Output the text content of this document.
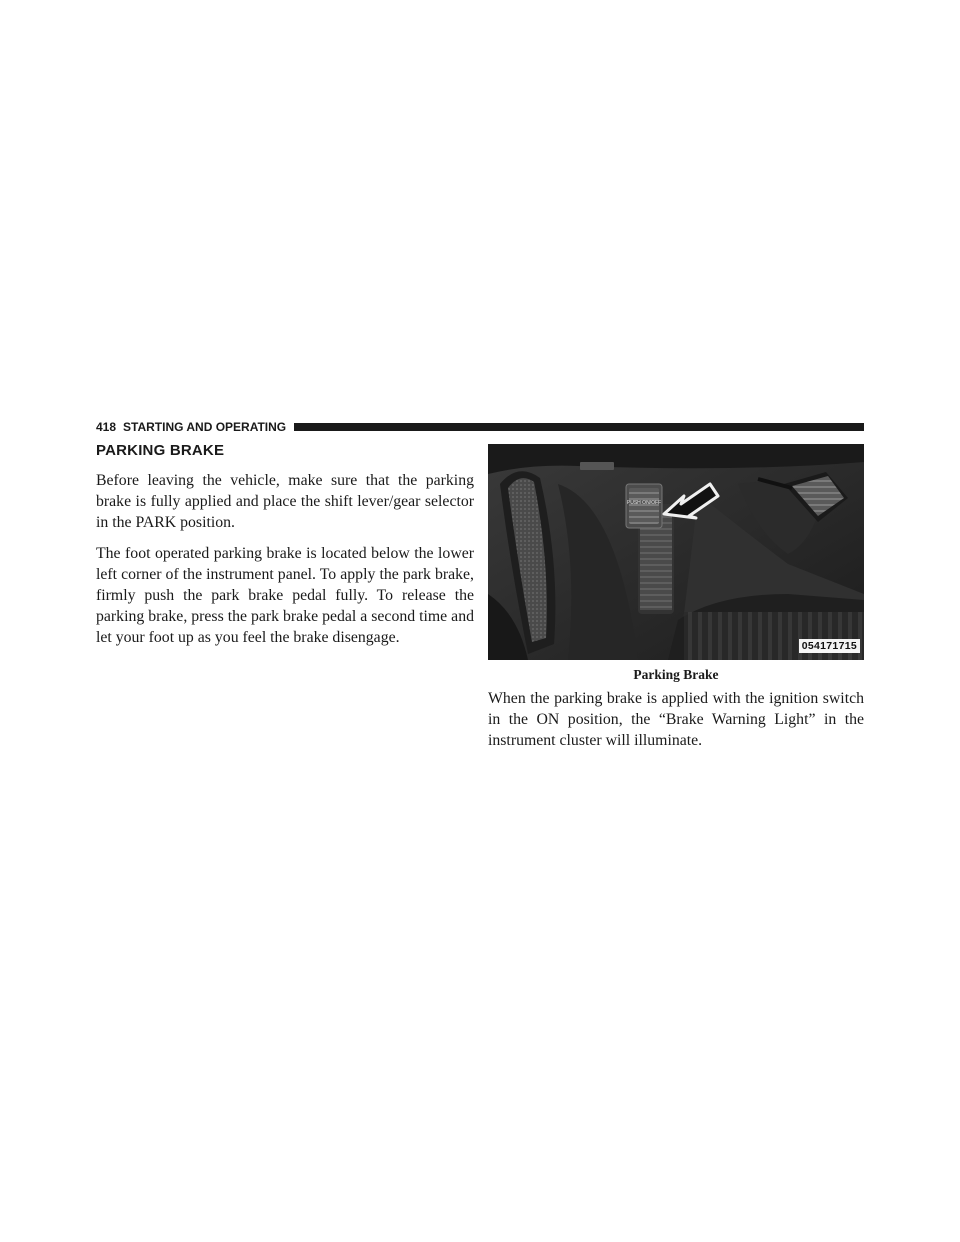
418 STARTING AND OPERATING
PARKING BRAKE

Before leaving the vehicle, make sure that the parking brake is fully applied and place the shift lever/gear selector in the PARK position.

The foot operated parking brake is located below the lower left corner of the instrument panel. To apply the park brake, firmly push the park brake pedal fully. To release the parking brake, press the park brake pedal a second time and let your foot up as you feel the brake disengage.

PUSH ON/OFF
054171715
Parking Brake

When the parking brake is applied with the ignition switch in the ON position, the “Brake Warning Light” in the instrument cluster will illuminate.
